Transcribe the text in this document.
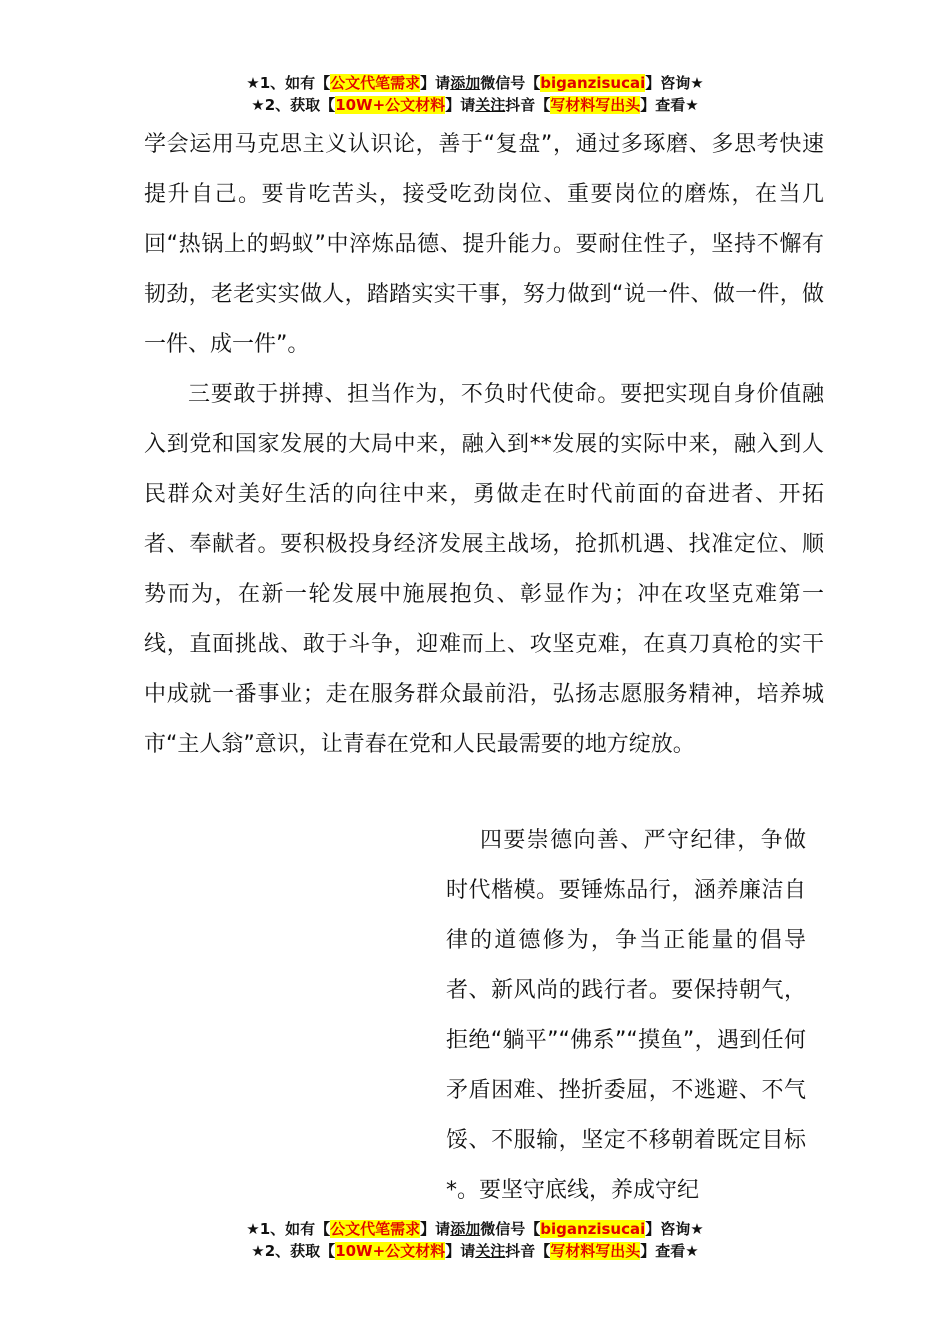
★1、如有【公文代笔需求】请添加微信号【biganzisucai】咨询★
★2、获取【10W+公文材料】请关注抖音【写材料写出头】查看★

学会运用马克思主义认识论，善于“复盘”，通过多琢磨、多思考快速提升自己。要肯吃苦头，接受吃劲岗位、重要岗位的磨炼，在当几回“热锅上的蚂蚁”中淬炼品德、提升能力。要耐住性子，坚持不懈有韧劲，老老实实做人，踏踏实实干事，努力做到“说一件、做一件，做一件、成一件”。

三要敢于拼搏、担当作为，不负时代使命。要把实现自身价值融入到党和国家发展的大局中来，融入到**发展的实际中来，融入到人民群众对美好生活的向往中来，勇做走在时代前面的奋进者、开拓者、奉献者。要积极投身经济发展主战场，抢抓机遇、找准定位、顺势而为，在新一轮发展中施展抱负、彰显作为；冲在攻坚克难第一线，直面挑战、敢于斗争，迎难而上、攻坚克难，在真刀真枪的实干中成就一番事业；走在服务群众最前沿，弘扬志愿服务精神，培养城市“主人翁”意识，让青春在党和人民最需要的地方绽放。

四要崇德向善、严守纪律，争做时代楷模。要锤炼品行，涵养廉洁自律的道德修为，争当正能量的倡导者、新风尚的践行者。要保持朝气，拒绝“躺平”“佛系”“摸鱼”，遇到任何矛盾困难、挫折委屈，不逃避、不气馁、不服输，坚定不移朝着既定目标*。要坚守底线，养成守纪

★1、如有【公文代笔需求】请添加微信号【biganzisucai】咨询★
★2、获取【10W+公文材料】请关注抖音【写材料写出头】查看★
